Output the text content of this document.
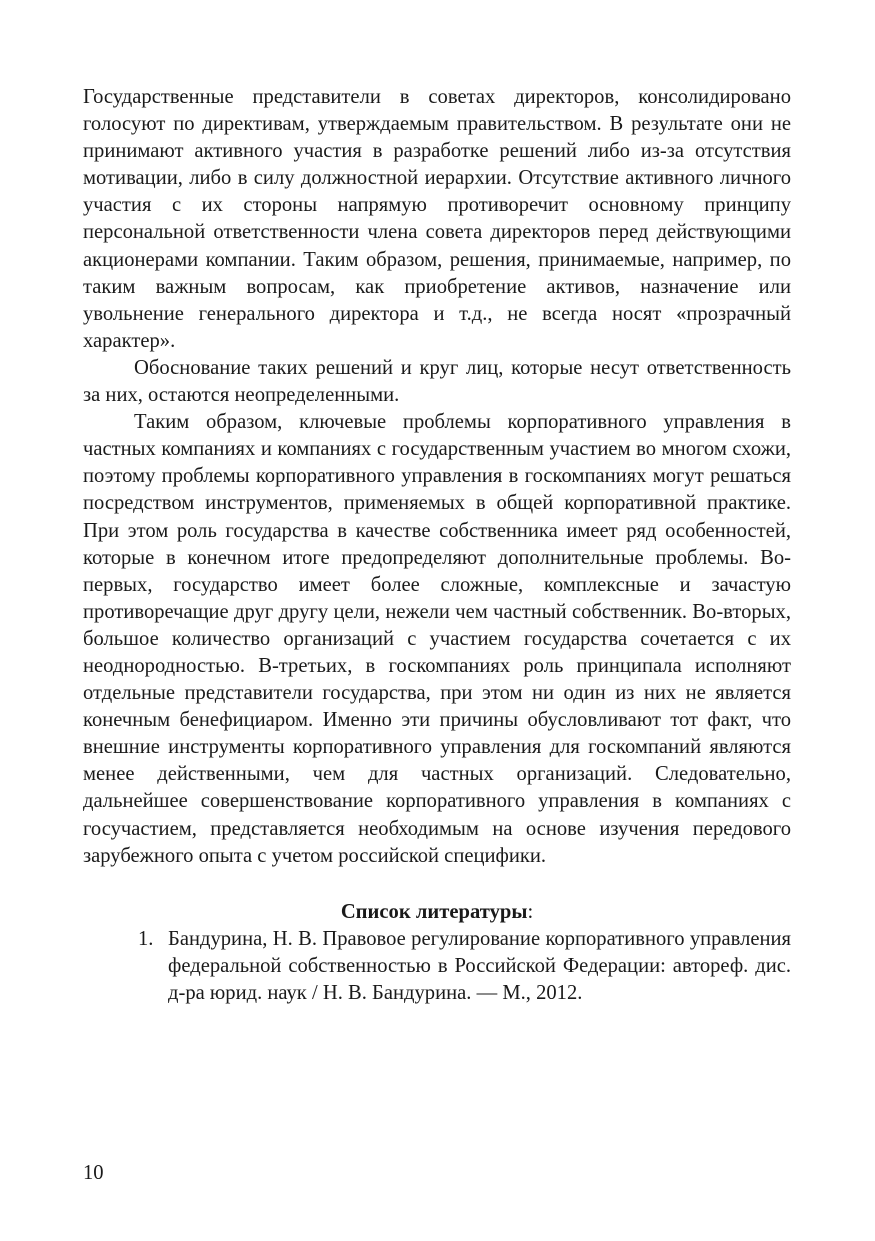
Государственные представители в советах директоров, консолидировано голосуют по директивам, утверждаемым правительством. В результате они не принимают активного участия в разработке решений либо из-за отсутствия мотивации, либо в силу должностной иерархии. Отсутствие активного личного участия с их стороны напрямую противоречит основному принципу персональной ответственности члена совета директоров перед действующими акционерами компании. Таким образом, решения, принимаемые, например, по таким важным вопросам, как приобретение активов, назначение или увольнение генерального директора и т.д., не всегда носят «прозрачный характер».

Обоснование таких решений и круг лиц, которые несут ответственность за них, остаются неопределенными.

Таким образом, ключевые проблемы корпоративного управления в частных компаниях и компаниях с государственным участием во многом схожи, поэтому проблемы корпоративного управления в госкомпаниях могут решаться посредством инструментов, применяемых в общей корпоративной практике. При этом роль государства в качестве собственника имеет ряд особенностей, которые в конечном итоге предопределяют дополнительные проблемы. Во-первых, государство имеет более сложные, комплексные и зачастую противоречащие друг другу цели, нежели чем частный собственник. Во-вторых, большое количество организаций с участием государства сочетается с их неоднородностью. В-третьих, в госкомпаниях роль принципала исполняют отдельные представители государства, при этом ни один из них не является конечным бенефициаром. Именно эти причины обусловливают тот факт, что внешние инструменты корпоративного управления для госкомпаний являются менее действенными, чем для частных организаций. Следовательно, дальнейшее совершенствование корпоративного управления в компаниях с госучастием, представляется необходимым на основе изучения передового зарубежного опыта с учетом российской специфики.

Список литературы:
1. Бандурина, Н. В. Правовое регулирование корпоративного управления федеральной собственностью в Российской Федерации: автореф. дис. д-ра юрид. наук / Н. В. Бандурина. — М., 2012.
10
